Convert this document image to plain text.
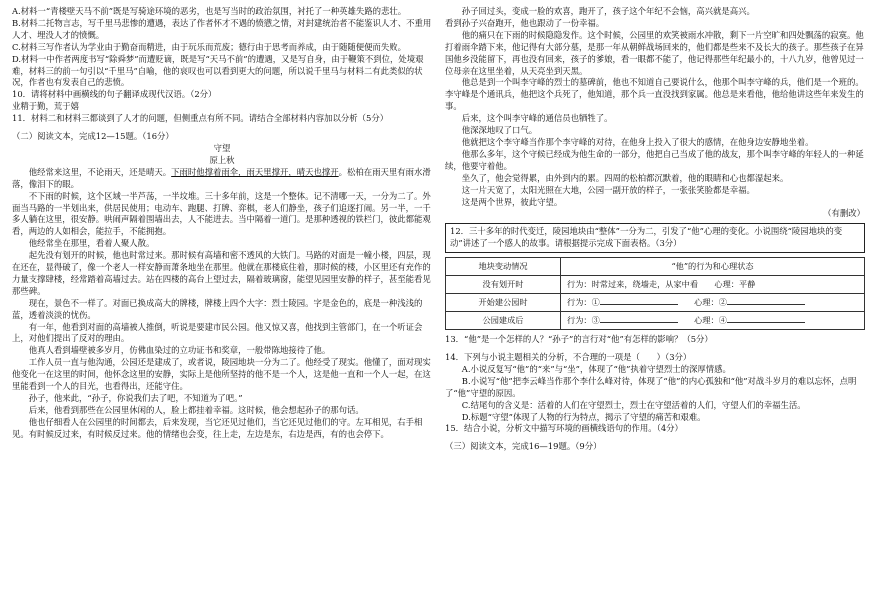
A.材料一“青楼壁天马不前”既是写骑途环境的恶劣，也是写当时的政治氛围，衬托了一种英雄失路的悲壮。

B.材料二托物言志，写千里马悲惨的遭遇，表达了作者怀才不遇的愤懑之情，对封建统治者不能鉴识人才、不重用人才、埋没人才的愤慨。

C.材料三写作者认为学业由于勤奋而精进，由于玩乐而荒废；德行由于思考而养成，由于随随便便而失败。

D.材料一中作者两度书写“除舜梦”而遭贬谪，既是写“天马不前”的遭遇，又是写自身，由于鞭策不到位，处境艰难，材料三的前一句引以“千里马”自喻，他的哀叹也可以看到更大的问题，所以说千里马与材料二有此类似的状况，作者也有发表自己的悲愤。

10．请将材料中画横线的句子翻译成现代汉语。（2分）

业精于勤，荒于嬉

11．材料二和材料三都谈到了人才的问题，但侧重点有所不同。请结合全部材料内容加以分析（5分）

（二）阅读文本，完成12—15题。（16分）

守望

原上秋

他经常来这里，不论雨天，还是晴天。下雨时他撑着雨伞，雨天里撑开，晴天也撑开。松柏在雨天里有雨水滑落，像泪下的眼。

不下雨的时候，这个区域一半芦荡，一半坟堆。三十多年前，这是一个整体。记不清哪一天，一分为二了。外面当马路的一半划出来，供居民使用；电动车、跑腿、打牌、弈棋，老人们静坐，孩子们追逐打闹。另一半，一千多人躺在这里，很安静。哄闹声隔着围墙出去，人不能进去。当中隔着一道门。是那种透视的铁栏门，彼此都能观看，两边的人如相会，能拉手，不能拥抱。

他经常坐在那里，看着人聚人散。

起先没有划开的时候，他也时常过来。那时候有高墙和密不透风的大铁门。马路的对面是一幢小楼，四层，现在还在，显得破了，像一个老人一样安静而萧条地坐在那里。他就在那楼底住着，那时候的楼，小区里还有充作的力量支撑肆楼，经常踏着高墙过去。站在四楼的高台上望过去，隔着玻璃窗，能望见园里安静的样子，甚至能看见那些碑。

现在，景色不一样了。对面已换成高大的牌楼，牌楼上四个大字：烈士陵园。字是金色的，底是一种浅浅的蓝，透着淡淡的忧伤。

有一年，他看到对面的高墙被人推倒，听说是要建市民公园。他又惊又喜，他找到主管部门，在一个听证会上，对他们提出了反对的理由。

他真人看到墙壁被多岁月，仿佛血染过的立功证书和奖章，一般带陈地接待了他。

工作人员一直与他沟通，公园还是建成了，或者说，陵园地块一分为二了。他经受了现实。他懂了，面对现实他变化一在这里的时间，他怀念这里的安静，实际上是他所坚持的他不是一个人，这是他一直和一个人一起，在这里能看到一个人的目光，也看得出，还能守住。

孙子，他来此，“孙子，你说我们去了吧，不知道为了吧。”

后来，他看到那些在公园里休闲的人，脸上都挂着幸福。这时候，他会想起孙子的那句话。

他也仔细看人在公园里的时间都去，后来发现，当它还见过他们，当它还见过他们的守。左耳相见，右手相见。有时候反过来，有时候反过来。他的情绪也会变，往上走，左边是东，右边是西，有的也会停下。

孙子回过头，变成一脸的欢喜，跑开了，孩子这个年纪不会恼，高兴就是高兴。

看到孙子兴奋跑开，他也跟动了一份幸福。

他的痛只在下雨的时候隐隐发作。这个时候，公园里的欢笑被雨水冲散，剩下一片空旷和四处飘荡的寂寞。他打着雨伞踏下来，他记得有大部分墓，是那一年从朝鲜战场回来的，他们都是些来不及长大的孩子。那些孩子在异国他乡没能留下，再也没有回来，孩子的爹娘，看一眼都不能了，他记得那些年纪最小的，十八九岁，他曾见过一位母亲在这里坐着，从天亮坐到天黑。

他总是到一个叫李守峰的烈士的墓碑前，他也不知道自己要说什么，他那个叫李守峰的兵，他们是一个班的。李守峰是个通讯兵，他把这个兵死了，他知道，那个兵一直没找到家属。他总是来看他，他给他讲这些年来发生的事。

后来，这个叫李守峰的通信员也牺牲了。

他深深地叹了口气。

他就把这个李守峰当作那个李守峰的对待，在他身上投入了很大的感情，在他身边安静地坐着。

他那么多年，这个守候已经成为他生命的一部分，他把自己当成了他的战友，那个叫李守峰的年轻人的一种延续，他要守着他。

坐久了，他会觉得累，由外到内的累。四周的松柏都沉默着，他的眼睛和心也都湿起来。

这一片天宽了，太阳光照在大地，公园一副开放的样子，一张张笑脸都是幸福。

这是两个世界，彼此守望。

（有删改）

12．三十多年的时代变迁，陵园地块由“整体”一分为二，引发了“他”心理的变化。小说围绕“陵园地块的变动”讲述了一个感人的故事。请根据提示完成下面表格。（3分）
地块变动情况	“他”的行为和心理状态
没有划开时	行为：时常过来，绕墙走，从家中看　　心理：平静
开始建公园时	行为：①　　 心理：②
公园建成后	行为：③　　 心理：④

13．“他”是一个怎样的人？“孙子”的言行对“他”有怎样的影响？（5分）

14．下列与小说主题相关的分析，不合理的一项是（　　）（3分）

A.小说反复写“他”的“来”与“坐”，体现了“他”执着守望烈士的深厚情感。

B.小说写“他”把李云峰当作那个李什么峰对待，体现了“他”的内心孤独和“他”对战斗岁月的难以忘怀，点明了“他”守望的原因。

C.结尾句的含义是：活着的人们在守望烈士，烈士在守望活着的人们，守望人们的幸福生活。

D.标题“守望”体现了人物的行为特点，揭示了守望的痛苦和艰难。

15．结合小说，分析文中描写环境的画横线语句的作用。（4分）

（三）阅读文本，完成16—19题。（9分）
